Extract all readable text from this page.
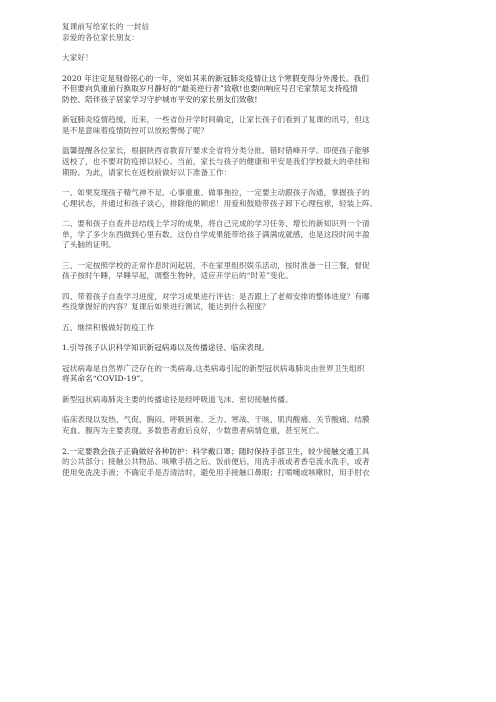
复课前写给家长的 一封信
亲爱的各位家长朋友：
大家好！
2020 年注定是刻骨铭心的一年，突如其来的新冠肺炎疫情让这个寒假变得分外漫长。我们
不但要向负重前行换取岁月静好的“最美逆行者”致敬!也要向响应号召宅家禁足支持疫情
防控、陪伴孩子居家学习守护城市平安的家长朋友们致敬!
新冠肺炎疫情趋缓，近来，一些省份开学时间确定，让家长孩子们看到了复课的讯号，但这
是不是意味着疫情防控可以放松警惕了呢？
温馨提醒各位家长，根据陕西省教育厅要求全省将分类分批、错时错峰开学。即使孩子能够
返校了，也不要对防疫掉以轻心。当前，家长与孩子的健康和平安是我们学校最大的牵挂和
期盼。为此，请家长在返校前做好以下准备工作：
一、如果发现孩子精气神不足、心事重重、做事拖拉，一定要主动跟孩子沟通，掌握孩子的
心理状态，并通过和孩子谈心，排除他的顾虑！用爱和鼓励带孩子卸下心理包袱，轻装上阵。
二、要和孩子自查并总结线上学习的成果，将自己完成的学习任务、增长的新知识列一个清
单，学了多少东西做到心里有数。这份自学成果能带给孩子满满成就感，也是这段时间丰盈
了头脑的证明。
三、一定按照学校的正常作息时间起居，不在家里组织娱乐活动，按时准备一日三餐，督促
孩子按时午睡，早睡早起，调整生物钟，适应开学后的“时差”变化。
四、带着孩子自查学习进度，对学习成果进行评估：是否跟上了老师安排的整体进度？有哪
些没掌握好的内容？复课后如果进行测试，能达到什么程度？
五、继续积极做好防疫工作
1.引导孩子认识科学知识新冠病毒以及传播途径、临床表现。
冠状病毒是自然界广泛存在的一类病毒,这类病毒引起的新型冠状病毒肺炎由世界卫生组织
将其命名“COVID-19”。
新型冠状病毒肺炎主要的传播途径是经呼吸道飞沫、密切接触传播。
临床表现以发热、气促、胸闷、呼吸困难、乏力、寒战、干咳、肌肉酸痛、关节酸痛、结膜
充血、腹泻为主要表现。多数患者愈后良好，少数患者病情危重，甚至死亡。
2.一定要教会孩子正确做好各种防护：科学戴口罩；随时保持手部卫生，较少接触交通工具
的公共部分；接触公共物品、咳嗽手捂之后、饭前便后，用洗手液或者香皂流水洗手，或者
使用免洗洗手液；不确定手是否清洁时，避免用手接触口鼻眼；打喷嚏或咳嗽时，用手肘衣
